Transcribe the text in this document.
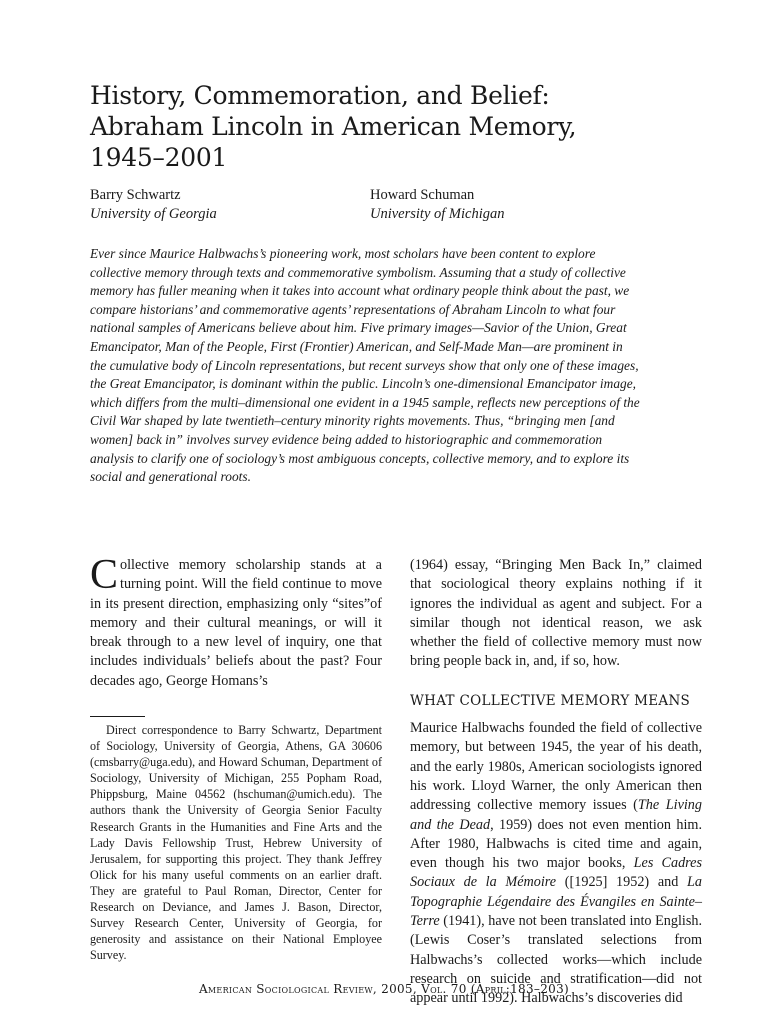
History, Commemoration, and Belief:
Abraham Lincoln in American Memory,
1945–2001
Barry Schwartz
University of Georgia
Howard Schuman
University of Michigan

Ever since Maurice Halbwachs’s pioneering work, most scholars have been content to explore collective memory through texts and commemorative symbolism. Assuming that a study of collective memory has fuller meaning when it takes into account what ordinary people think about the past, we compare historians’ and commemorative agents’ representations of Abraham Lincoln to what four national samples of Americans believe about him. Five primary images—Savior of the Union, Great Emancipator, Man of the People, First (Frontier) American, and Self-Made Man—are prominent in the cumulative body of Lincoln representations, but recent surveys show that only one of these images, the Great Emancipator, is dominant within the public. Lincoln’s one-dimensional Emancipator image, which differs from the multi–dimensional one evident in a 1945 sample, reflects new perceptions of the Civil War shaped by late twentieth–century minority rights movements. Thus, “bringing men [and women] back in” involves survey evidence being added to historiographic and commemoration analysis to clarify one of sociology’s most ambiguous concepts, collective memory, and to explore its social and generational roots.

Collective memory scholarship stands at a turning point. Will the field continue to move in its present direction, emphasizing only “sites”of memory and their cultural meanings, or will it break through to a new level of inquiry, one that includes individuals’ beliefs about the past? Four decades ago, George Homans’s

Direct correspondence to Barry Schwartz, Department of Sociology, University of Georgia, Athens, GA 30606 (cmsbarry@uga.edu), and Howard Schuman, Department of Sociology, University of Michigan, 255 Popham Road, Phippsburg, Maine 04562 (hschuman@umich.edu). The authors thank the University of Georgia Senior Faculty Research Grants in the Humanities and Fine Arts and the Lady Davis Fellowship Trust, Hebrew University of Jerusalem, for supporting this project. They thank Jeffrey Olick for his many useful comments on an earlier draft. They are grateful to Paul Roman, Director, Center for Research on Deviance, and James J. Bason, Director, Survey Research Center, University of Georgia, for generosity and assistance on their National Employee Survey.

(1964) essay, “Bringing Men Back In,” claimed that sociological theory explains nothing if it ignores the individual as agent and subject. For a similar though not identical reason, we ask whether the field of collective memory must now bring people back in, and, if so, how.

WHAT COLLECTIVE MEMORY MEANS

Maurice Halbwachs founded the field of collective memory, but between 1945, the year of his death, and the early 1980s, American sociologists ignored his work. Lloyd Warner, the only American then addressing collective memory issues (The Living and the Dead, 1959) does not even mention him. After 1980, Halbwachs is cited time and again, even though his two major books, Les Cadres Sociaux de la Mémoire ([1925] 1952) and La Topographie Légendaire des Évangiles en Sainte–Terre (1941), have not been translated into English. (Lewis Coser’s translated selections from Halbwachs’s collected works—which include research on suicide and stratification—did not appear until 1992). Halbwachs’s discoveries did

American Sociological Review, 2005, Vol. 70 (April:183–203)
